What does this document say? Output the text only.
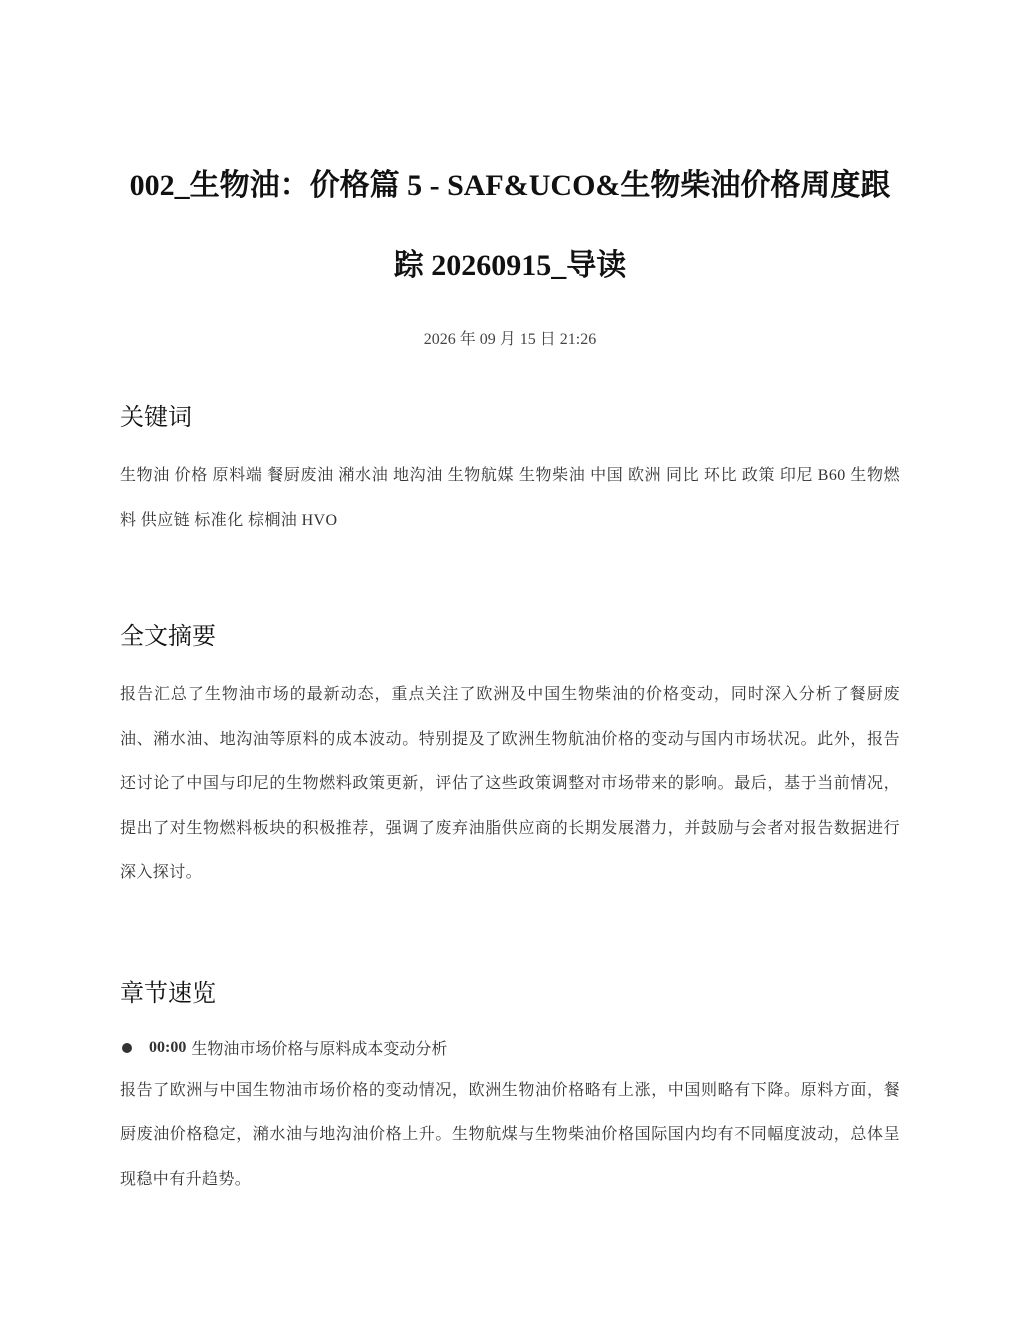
002_生物油：价格篇 5 - SAF&UCO&生物柴油价格周度跟踪 20260915_导读
2026 年 09 月 15 日 21:26
关键词
生物油 价格 原料端 餐厨废油 潲水油 地沟油 生物航媒 生物柴油 中国 欧洲 同比 环比 政策 印尼 B60 生物燃料 供应链 标准化 棕榈油 HVO
全文摘要
报告汇总了生物油市场的最新动态，重点关注了欧洲及中国生物柴油的价格变动，同时深入分析了餐厨废油、潲水油、地沟油等原料的成本波动。特别提及了欧洲生物航油价格的变动与国内市场状况。此外，报告还讨论了中国与印尼的生物燃料政策更新，评估了这些政策调整对市场带来的影响。最后，基于当前情况，提出了对生物燃料板块的积极推荐，强调了废弃油脂供应商的长期发展潜力，并鼓励与会者对报告数据进行深入探讨。
章节速览
00:00 生物油市场价格与原料成本变动分析
报告了欧洲与中国生物油市场价格的变动情况，欧洲生物油价格略有上涨，中国则略有下降。原料方面，餐厨废油价格稳定，潲水油与地沟油价格上升。生物航煤与生物柴油价格国际国内均有不同幅度波动，总体呈现稳中有升趋势。
